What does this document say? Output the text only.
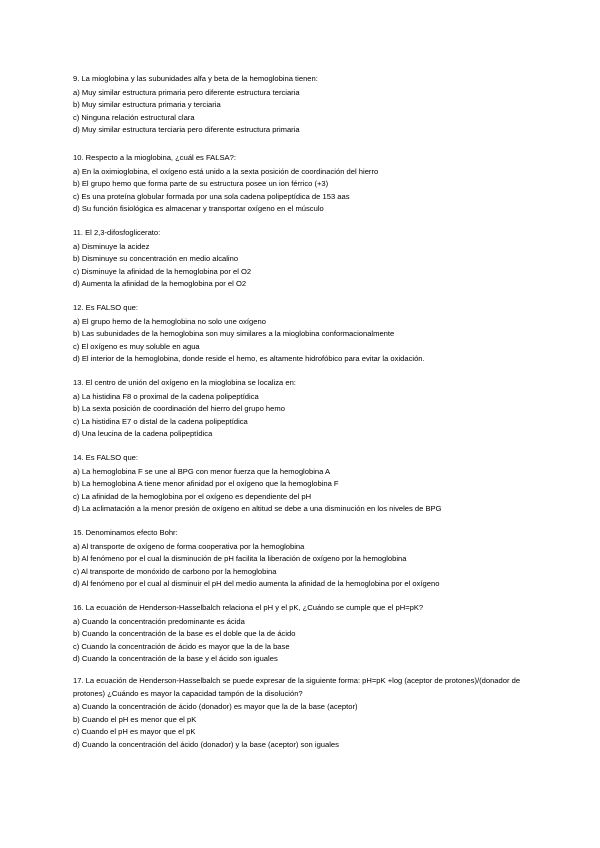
9. La mioglobina y las subunidades alfa y beta de la hemoglobina tienen:
a) Muy similar estructura primaria pero diferente estructura terciaria
b) Muy similar estructura primaria y terciaria
c) Ninguna relación estructural clara
d) Muy similar estructura terciaria pero diferente estructura primaria
10. Respecto a la mioglobina, ¿cuál es FALSA?:
a) En la oximioglobina, el oxígeno está unido a la sexta posición de coordinación del hierro
b) El grupo hemo que forma parte de su estructura posee un ion férrico (+3)
c) Es una proteína globular formada por una sola cadena polipeptídica de 153 aas
d) Su función fisiológica es almacenar y transportar oxígeno en el músculo
11. El 2,3-difosfoglicerato:
a) Disminuye la acidez
b) Disminuye su concentración en medio alcalino
c) Disminuye la afinidad de la hemoglobina por el O2
d) Aumenta la afinidad de la hemoglobina por el O2
12. Es FALSO que:
a) El grupo hemo de la hemoglobina no solo une oxígeno
b) Las subunidades de la hemoglobina son muy similares a la mioglobina conformacionalmente
c) El oxígeno es muy soluble en agua
d) El interior de la hemoglobina, donde reside el hemo, es altamente hidrofóbico para evitar la oxidación.
13. El centro de unión del oxígeno en la mioglobina se localiza en:
a) La histidina F8 o proximal de la cadena polipeptídica
b) La sexta posición de coordinación del hierro del grupo hemo
c) La histidina E7 o distal de la cadena polipeptídica
d) Una leucina de la cadena polipeptídica
14. Es FALSO que:
a) La hemoglobina F se une al BPG con menor fuerza que la hemoglobina A
b) La hemoglobina A tiene menor afinidad por el oxígeno que la hemoglobina F
c) La afinidad de la hemoglobina por el oxígeno es dependiente del pH
d) La aclimatación a la menor presión de oxígeno en altitud se debe a una disminución en los niveles de BPG
15. Denominamos efecto Bohr:
a) Al transporte de oxígeno de forma cooperativa por la hemoglobina
b) Al fenómeno por el cual la disminución de pH facilita la liberación de oxígeno por la hemoglobina
c) Al transporte de monóxido de carbono por la hemoglobina
d) Al fenómeno por el cual al disminuir el pH del medio aumenta la afinidad de la hemoglobina por el oxígeno
16. La ecuación de Henderson-Hasselbalch relaciona el pH y el pK, ¿Cuándo se cumple que el pH=pK?
a) Cuando la concentración predominante es ácida
b) Cuando la concentración de la base es el doble que la de ácido
c) Cuando la concentración de ácido es mayor que la de la base
d) Cuando la concentración de la base y el ácido son iguales
17. La ecuación de Henderson-Hasselbalch se puede expresar de la siguiente forma: pH=pK +log (aceptor de protones)/(donador de protones) ¿Cuándo es mayor la capacidad tampón de la disolución?
a) Cuando la concentración de ácido (donador) es mayor que la de la base (aceptor)
b) Cuando el pH es menor que el pK
c) Cuando el pH es mayor que el pK
d) Cuando la concentración del ácido (donador) y la base (aceptor) son iguales
